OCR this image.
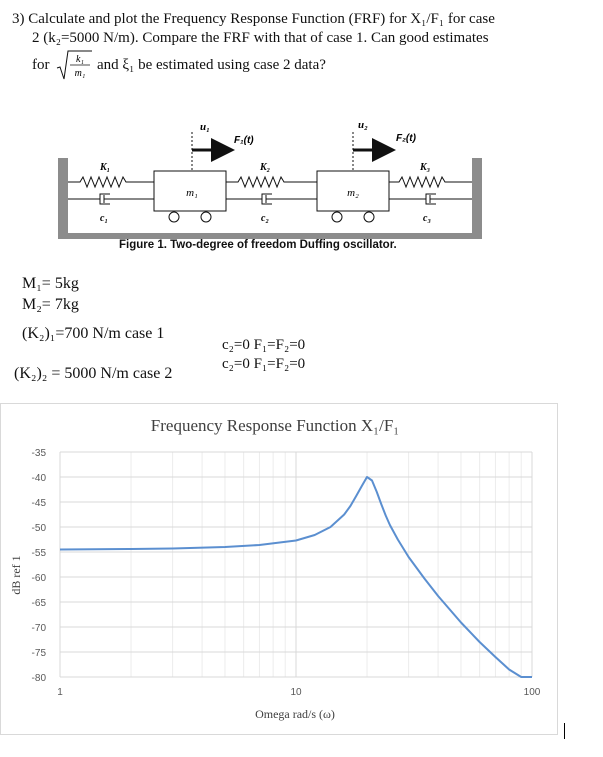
3) Calculate and plot the Frequency Response Function (FRF) for X₁/F₁ for case
2 (k₂=5000 N/m). Compare the FRF with that of case 1. Can good estimates
for	k₁
m₁
and ξ₁ be estimated using case 2 data?
m₁	m₂
u₁	u₂
F₁(t)	F₂(t)
K₁	K₂	K₃
c₁	c₂	c₃
Figure 1. Two-degree of freedom Duffing oscillator.
M₁= 5kg
M₂= 7kg
(K₂)₁=700 N/m case 1
(K₂)₂ = 5000 N/m case 2
c₂=0 F₁=F₂=0
c₂=0 F₁=F₂=0
Frequency Response Function X₁/F₁
Omega rad/s (ω)
dB ref 1
-35
-40
-45
-50
-55
-60
-65
-70
-75
-80
1	10	100
